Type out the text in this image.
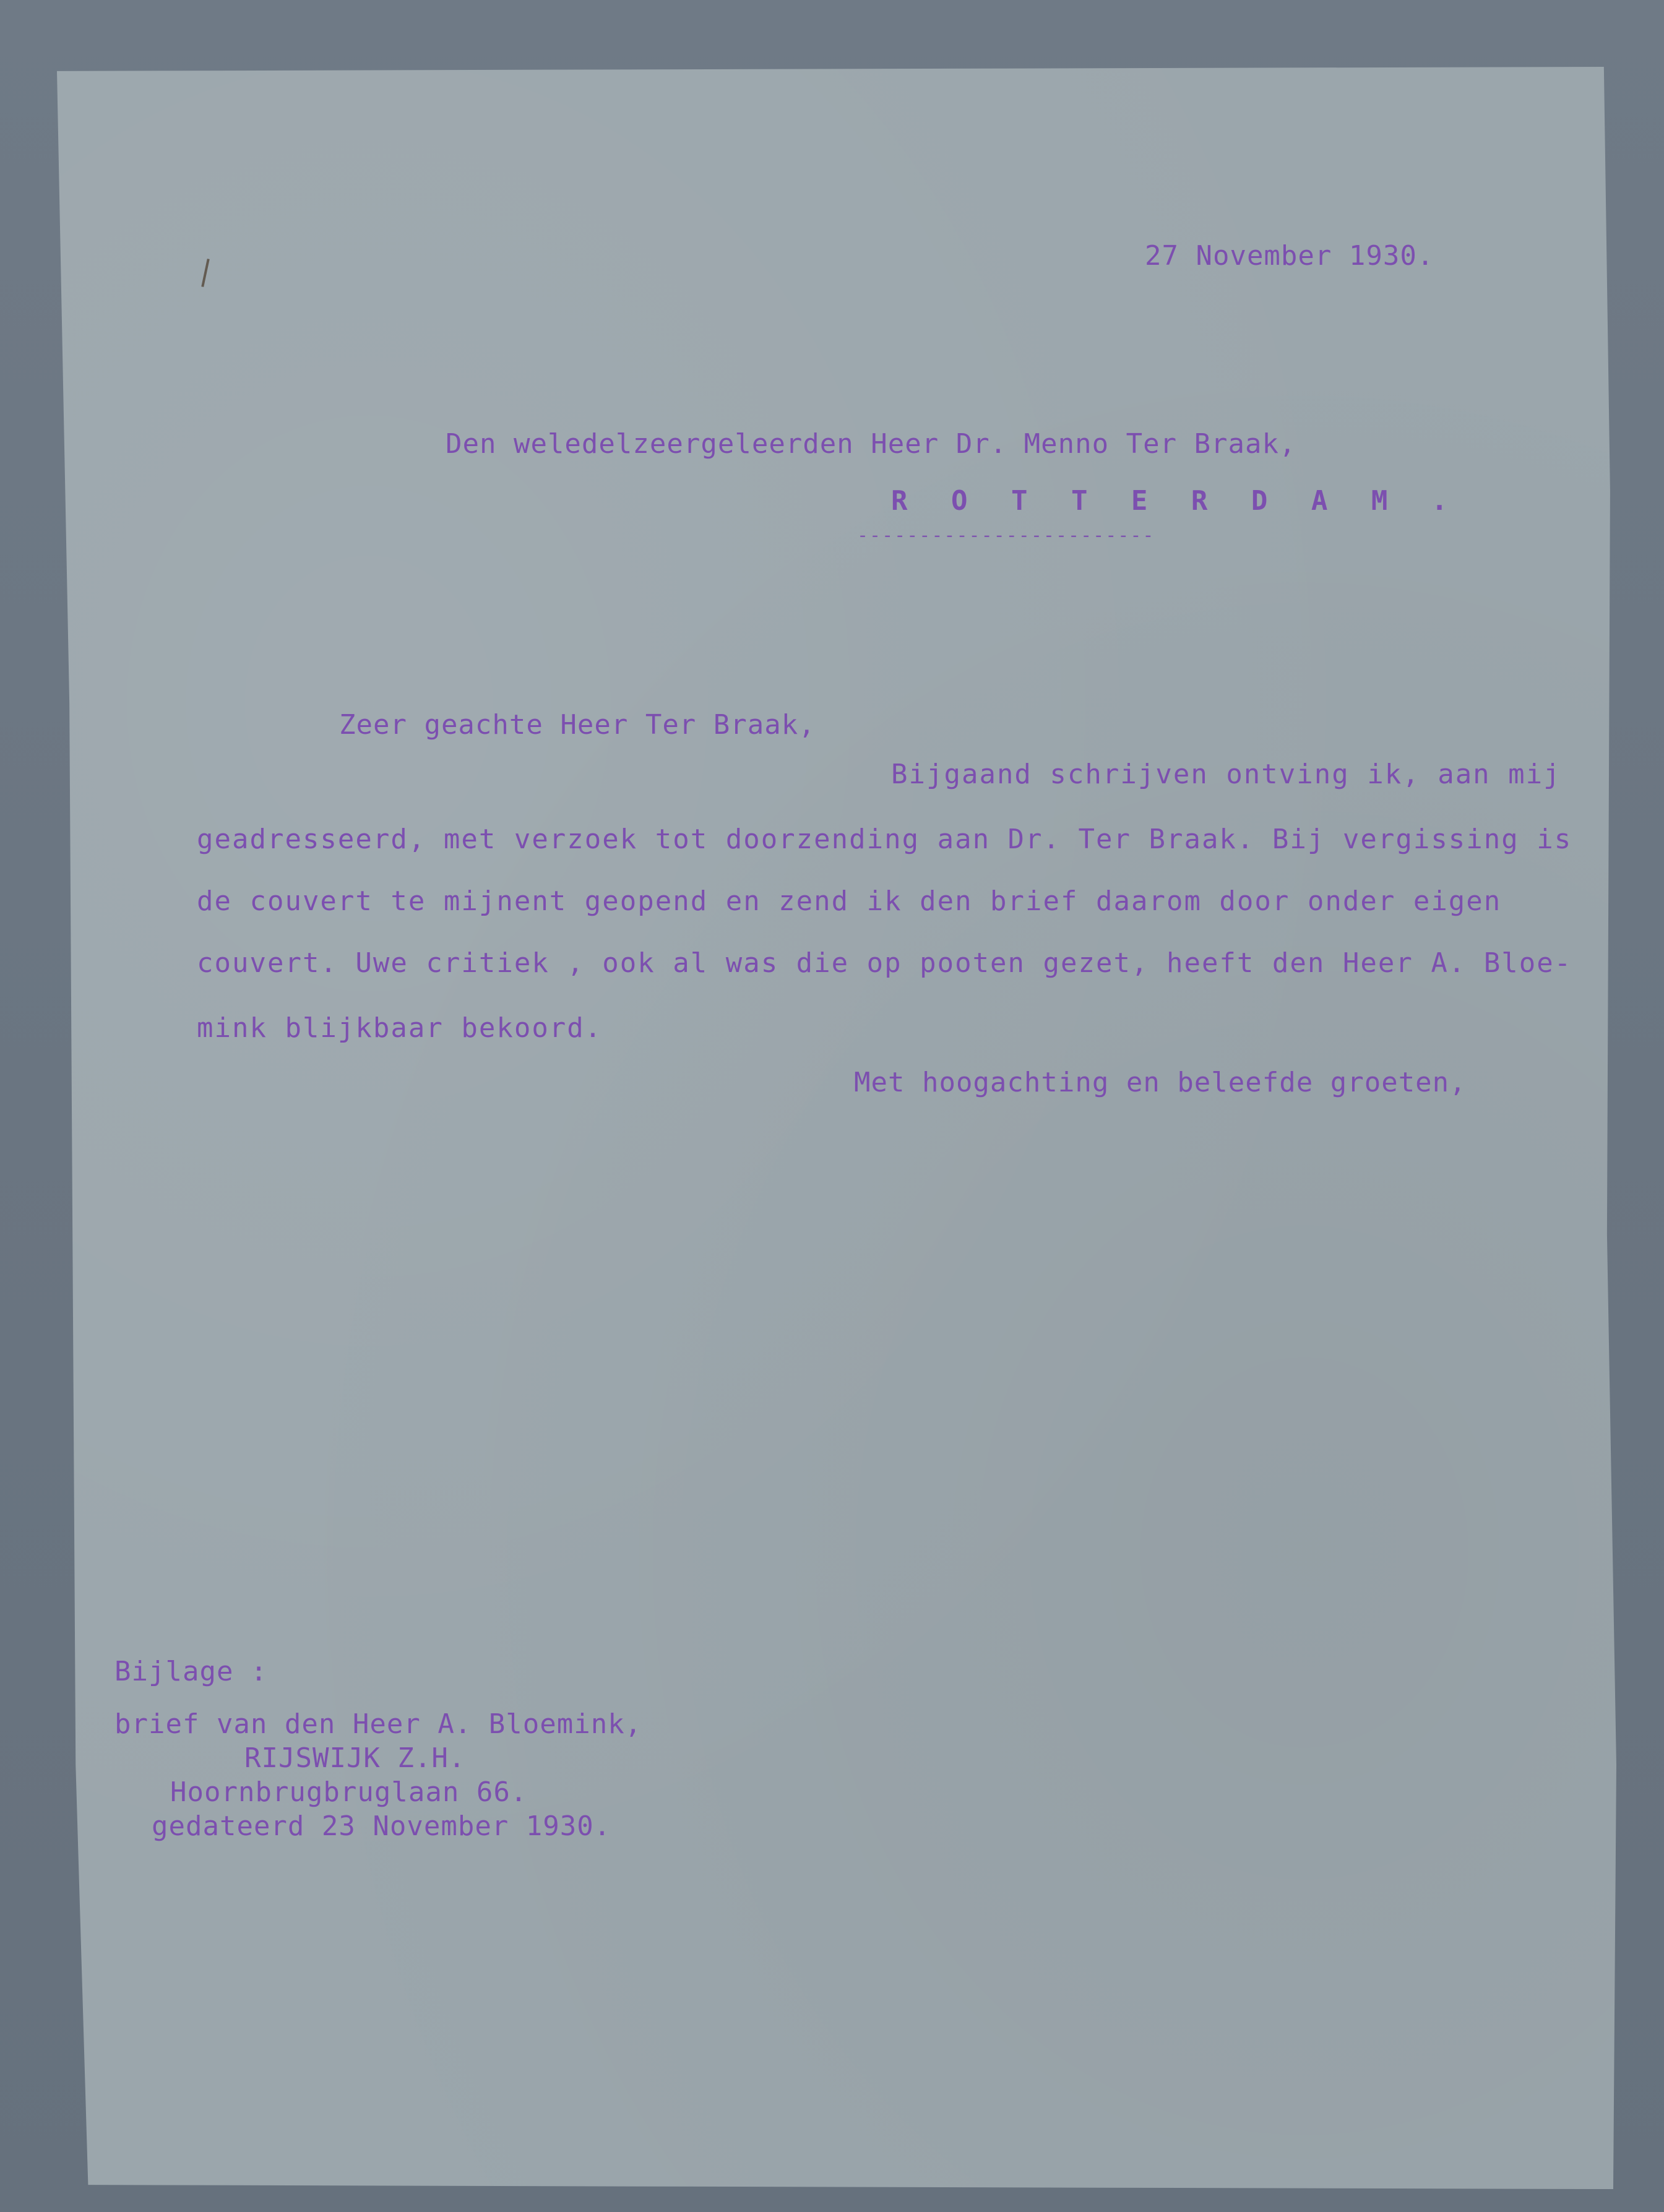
27 November 1930.
Den weledelzeergeleerden Heer Dr. Menno Ter Braak,
R O T T E R D A M .
------------------------
Zeer geachte Heer Ter Braak,
Bijgaand schrijven ontving ik, aan mij
geadresseerd, met verzoek tot doorzending aan Dr. Ter Braak. Bij vergissing is
de couvert te mijnent geopend en zend ik den brief daarom door onder eigen
couvert. Uwe critiek , ook al was die op pooten gezet, heeft den Heer A. Bloe-
mink blijkbaar bekoord.
Met hoogachting en beleefde groeten,
Bijlage :
brief van den Heer A. Bloemink,
RIJSWIJK Z.H.
Hoornbrugbruglaan 66.
gedateerd 23 November 1930.
